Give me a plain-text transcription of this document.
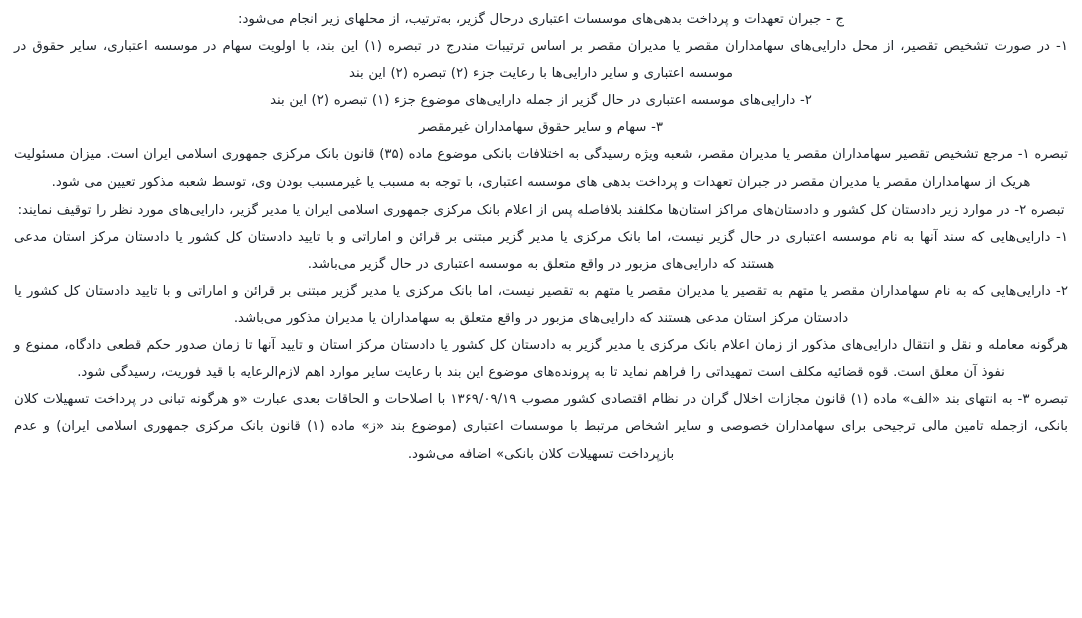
ج - جبران تعهدات و پرداخت بدهی‌های موسسات اعتباری درحال گزیر، به‌ترتیب، از محلهای زیر انجام می‌شود:

۱- در صورت تشخیص تقصیر، از محل دارایی‌های سهامداران مقصر یا مدیران مقصر بر اساس ترتیبات مندرج در تبصره (۱) این بند، با اولویت سهام در موسسه اعتباری، سایر حقوق در موسسه اعتباری و سایر دارایی‌ها با رعایت جزء (۲) تبصره (۲) این بند

۲- دارایی‌های موسسه اعتباری در حال گزیر از جمله دارایی‌های موضوع جزء (۱) تبصره (۲) این بند

۳- سهام و سایر حقوق سهامداران غیرمقصر

تبصره ۱- مرجع تشخیص تقصیر سهامداران مقصر یا مدیران مقصر، شعبه ویژه رسیدگی به اختلافات بانکی موضوع ماده (۳۵) قانون بانک مرکزی جمهوری اسلامی ایران است. میزان مسئولیت هریک از سهامداران مقصر یا مدیران مقصر در جبران تعهدات و پرداخت بدهی های موسسه اعتباری، با توجه به مسبب یا غیرمسبب بودن وی، توسط شعبه مذکور تعیین می شود.

تبصره ۲- در موارد زیر دادستان کل کشور و دادستان‌های مراکز استان‌ها مکلفند بلافاصله پس از اعلام بانک مرکزی جمهوری اسلامی ایران یا مدیر گزیر، دارایی‌های مورد نظر را توقیف نمایند:

۱- دارایی‌هایی که سند آنها به نام موسسه اعتباری در حال گزیر نیست، اما بانک مرکزی یا مدیر گزیر مبتنی بر قرائن و اماراتی و با تایید دادستان کل کشور یا دادستان مرکز استان مدعی هستند که دارایی‌های مزبور در واقع متعلق به موسسه اعتباری در حال گزیر می‌باشد.

۲- دارایی‌هایی که به نام سهامداران مقصر یا متهم به تقصیر یا مدیران مقصر یا متهم به تقصیر نیست، اما بانک مرکزی یا مدیر گزیر مبتنی بر قرائن و اماراتی و با تایید دادستان کل کشور یا دادستان مرکز استان مدعی هستند که دارایی‌های مزبور در واقع متعلق به سهامداران یا مدیران مذکور می‌باشد.

هرگونه معامله و نقل و انتقال دارایی‌های مذکور از زمان اعلام بانک مرکزی یا مدیر گزیر به دادستان کل کشور یا دادستان مرکز استان و تایید آنها تا زمان صدور حکم قطعی دادگاه، ممنوع و نفوذ آن معلق است. قوه قضائیه مکلف است تمهیداتی را فراهم نماید تا به پرونده‌های موضوع این بند با رعایت سایر موارد اهم لازم‌الرعایه با قید فوریت، رسیدگی شود.

تبصره ۳- به انتهای بند «الف» ماده (۱) قانون مجازات اخلال گران در نظام اقتصادی کشور مصوب ۱۳۶۹/۰۹/۱۹ با اصلاحات و الحاقات بعدی عبارت «و هرگونه تبانی در پرداخت تسهیلات کلان بانکی، ازجمله تامین مالی ترجیحی برای سهامداران خصوصی و سایر اشخاص مرتبط با موسسات اعتباری (موضوع بند «ز» ماده (۱) قانون بانک مرکزی جمهوری اسلامی ایران) و عدم بازپرداخت تسهیلات کلان بانکی» اضافه می‌شود.
